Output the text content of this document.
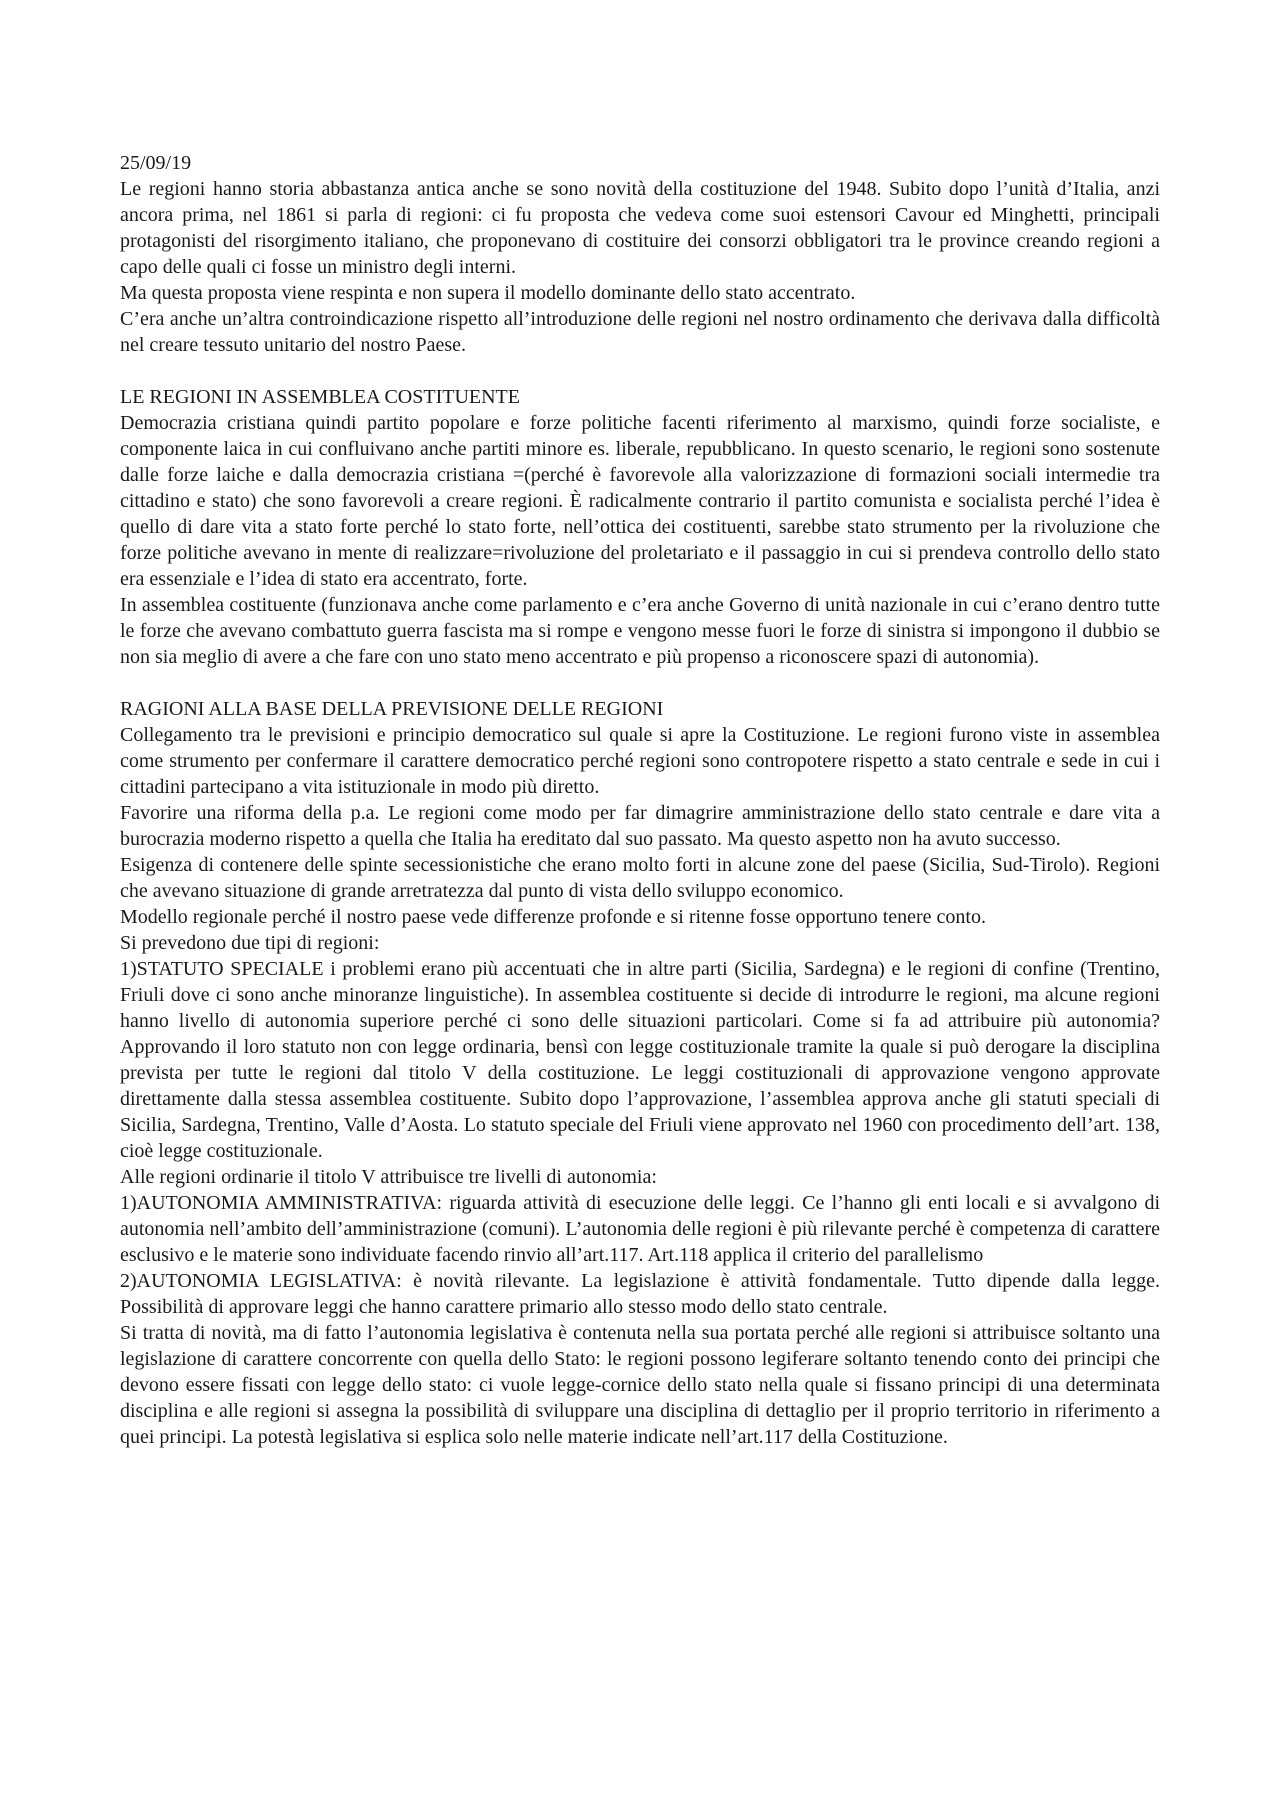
25/09/19

Le regioni hanno storia abbastanza antica anche se sono novità della costituzione del 1948. Subito dopo l’unità d’Italia, anzi ancora prima, nel 1861 si parla di regioni: ci fu proposta che vedeva come suoi estensori Cavour ed Minghetti, principali protagonisti del risorgimento italiano, che proponevano di costituire dei consorzi obbligatori tra le province creando regioni a capo delle quali ci fosse un ministro degli interni.

Ma questa proposta viene respinta e non supera il modello dominante dello stato accentrato.

C’era anche un’altra controindicazione rispetto all’introduzione delle regioni nel nostro ordinamento che derivava dalla difficoltà nel creare tessuto unitario del nostro Paese.

LE REGIONI IN ASSEMBLEA COSTITUENTE

Democrazia cristiana quindi partito popolare e forze politiche facenti riferimento al marxismo, quindi forze socialiste, e componente laica in cui confluivano anche partiti minore es. liberale, repubblicano. In questo scenario, le regioni sono sostenute dalle forze laiche e dalla democrazia cristiana =(perché è favorevole alla valorizzazione di formazioni sociali intermedie tra cittadino e stato) che sono favorevoli a creare regioni. È radicalmente contrario il partito comunista e socialista perché l’idea è quello di dare vita a stato forte perché lo stato forte, nell’ottica dei costituenti, sarebbe stato strumento per la rivoluzione che forze politiche avevano in mente di realizzare=rivoluzione del proletariato e il passaggio in cui si prendeva controllo dello stato era essenziale e l’idea di stato era accentrato, forte.

In assemblea costituente (funzionava anche come parlamento e c’era anche Governo di unità nazionale in cui c’erano dentro tutte le forze che avevano combattuto guerra fascista ma si rompe e vengono messe fuori le forze di sinistra si impongono il dubbio se non sia meglio di avere a che fare con uno stato meno accentrato e più propenso a riconoscere spazi di autonomia).

RAGIONI ALLA BASE DELLA PREVISIONE DELLE REGIONI

Collegamento tra le previsioni e principio democratico sul quale si apre la Costituzione. Le regioni furono viste in assemblea come strumento per confermare il carattere democratico perché regioni sono contropotere rispetto a stato centrale e sede in cui i cittadini partecipano a vita istituzionale in modo più diretto.

Favorire una riforma della p.a. Le regioni come modo per far dimagrire amministrazione dello stato centrale e dare vita a burocrazia moderno rispetto a quella che Italia ha ereditato dal suo passato. Ma questo aspetto non ha avuto successo.

Esigenza di contenere delle spinte secessionistiche che erano molto forti in alcune zone del paese (Sicilia, Sud-Tirolo). Regioni che avevano situazione di grande arretratezza dal punto di vista dello sviluppo economico.

Modello regionale perché il nostro paese vede differenze profonde e si ritenne fosse opportuno tenere conto.

Si prevedono due tipi di regioni:

1)STATUTO SPECIALE i problemi erano più accentuati che in altre parti (Sicilia, Sardegna) e le regioni di confine (Trentino, Friuli dove ci sono anche minoranze linguistiche). In assemblea costituente si decide di introdurre le regioni, ma alcune regioni hanno livello di autonomia superiore perché ci sono delle situazioni particolari. Come si fa ad attribuire più autonomia? Approvando il loro statuto non con legge ordinaria, bensì con legge costituzionale tramite la quale si può derogare la disciplina prevista per tutte le regioni dal titolo V della costituzione. Le leggi costituzionali di approvazione vengono approvate direttamente dalla stessa assemblea costituente. Subito dopo l’approvazione, l’assemblea approva anche gli statuti speciali di Sicilia, Sardegna, Trentino, Valle d’Aosta. Lo statuto speciale del Friuli viene approvato nel 1960 con procedimento dell’art. 138, cioè legge costituzionale.

Alle regioni ordinarie il titolo V attribuisce tre livelli di autonomia:

1)AUTONOMIA AMMINISTRATIVA: riguarda attività di esecuzione delle leggi. Ce l’hanno gli enti locali e si avvalgono di autonomia nell’ambito dell’amministrazione (comuni). L’autonomia delle regioni è più rilevante perché è competenza di carattere esclusivo e le materie sono individuate facendo rinvio all’art.117. Art.118 applica il criterio del parallelismo

2)AUTONOMIA LEGISLATIVA: è novità rilevante. La legislazione è attività fondamentale. Tutto dipende dalla legge. Possibilità di approvare leggi che hanno carattere primario allo stesso modo dello stato centrale.

Si tratta di novità, ma di fatto l’autonomia legislativa è contenuta nella sua portata perché alle regioni si attribuisce soltanto una legislazione di carattere concorrente con quella dello Stato: le regioni possono legiferare soltanto tenendo conto dei principi che devono essere fissati con legge dello stato: ci vuole legge-cornice dello stato nella quale si fissano principi di una determinata disciplina e alle regioni si assegna la possibilità di sviluppare una disciplina di dettaglio per il proprio territorio in riferimento a quei principi. La potestà legislativa si esplica solo nelle materie indicate nell’art.117 della Costituzione.
